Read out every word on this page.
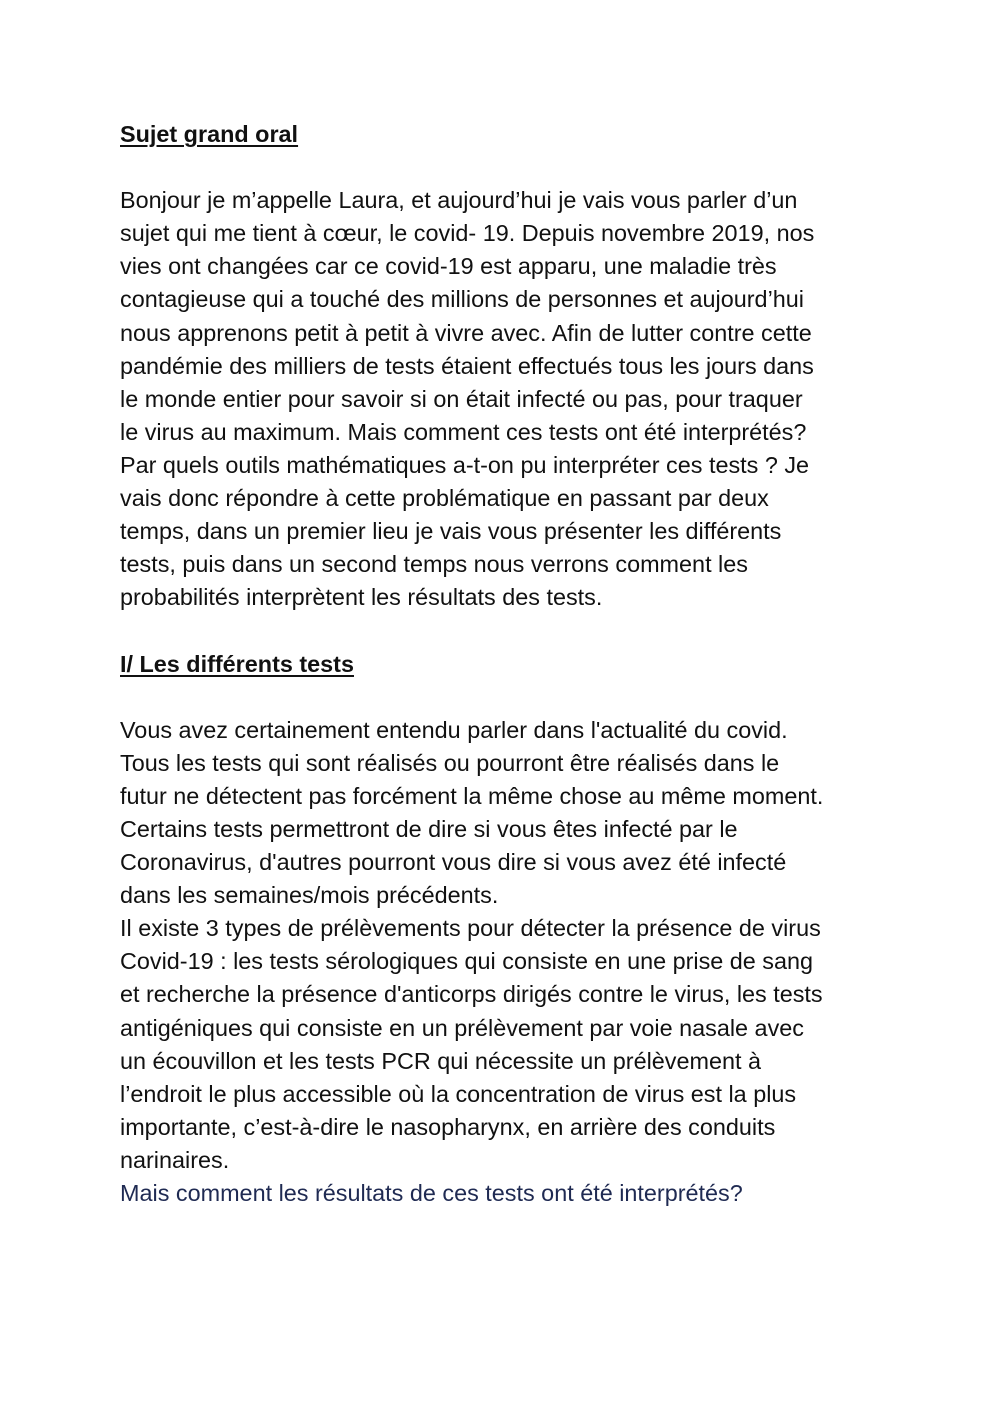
Sujet grand oral
Bonjour je m’appelle Laura, et aujourd’hui je vais vous parler d’un
sujet qui me tient à cœur, le covid- 19. Depuis novembre 2019, nos
vies ont changées car ce covid-19 est apparu, une maladie très
contagieuse qui a touché des millions de personnes et aujourd’hui
nous apprenons petit à petit à vivre avec. Afin de lutter contre cette
pandémie des milliers de tests étaient effectués tous les jours dans
le monde entier pour savoir si on était infecté ou pas, pour traquer
le virus au maximum. Mais comment ces tests ont été interprétés?
Par quels outils mathématiques a-t-on pu interpréter ces tests ? Je
vais donc répondre à cette problématique en passant par deux
temps, dans un premier lieu je vais vous présenter les différents
tests, puis dans un second temps nous verrons comment les
probabilités interprètent les résultats des tests.
I/ Les différents tests
Vous avez certainement entendu parler dans l'actualité du covid.
Tous les tests qui sont réalisés ou pourront être réalisés dans le
futur ne détectent pas forcément la même chose au même moment.
Certains tests permettront de dire si vous êtes infecté par le
Coronavirus, d'autres pourront vous dire si vous avez été infecté
dans les semaines/mois précédents.
Il existe 3 types de prélèvements pour détecter la présence de virus
Covid-19 : les tests sérologiques qui consiste en une prise de sang
et recherche la présence d'anticorps dirigés contre le virus, les tests
antigéniques qui consiste en un prélèvement par voie nasale avec
un écouvillon et les tests PCR qui nécessite un prélèvement à
l’endroit le plus accessible où la concentration de virus est la plus
importante, c’est-à-dire le nasopharynx, en arrière des conduits
narinaires.
Mais comment les résultats de ces tests ont été interprétés?
